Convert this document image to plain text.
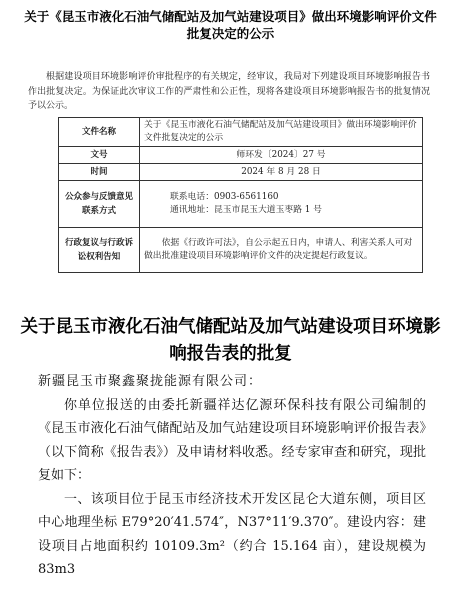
关于《昆玉市液化石油气储配站及加气站建设项目》做出环境影响评价文件批复决定的公示
根据建设项目环境影响评价审批程序的有关规定，经审议，我局对下列建设项目环境影响报告书作出批复决定。为保证此次审议工作的严肃性和公正性，现将各建设项目环境影响报告书的批复情况予以公示。
文件名称	关于《昆玉市液化石油气储配站及加气站建设项目》做出环境影响评价文件批复决定的公示
文号	师环发〔2024〕27 号
时间	2024 年 8 月 28 日
公众参与反馈意见联系方式	联系电话：0903-6561160
通讯地址：昆玉市昆玉大道玉枣路 1 号

行政复议与行政诉讼权利告知	依据《行政许可法》，自公示起五日内，申请人、利害关系人可对做出批准建设项目环境影响评价文件的决定提起行政复议。
关于昆玉市液化石油气储配站及加气站建设项目环境影响报告表的批复

新疆昆玉市聚鑫聚拢能源有限公司：

你单位报送的由委托新疆祥达亿源环保科技有限公司编制的《昆玉市液化石油气储配站及加气站建设项目环境影响评价报告表》（以下简称《报告表》）及申请材料收悉。经专家审查和研究，现批复如下：

一、该项目位于昆玉市经济技术开发区昆仑大道东侧，项目区中心地理坐标 E79°20′41.574″，N37°11′9.370″。建设内容：建设项目占地面积约 10109.3m²（约合 15.164 亩），建设规模为 83m3
